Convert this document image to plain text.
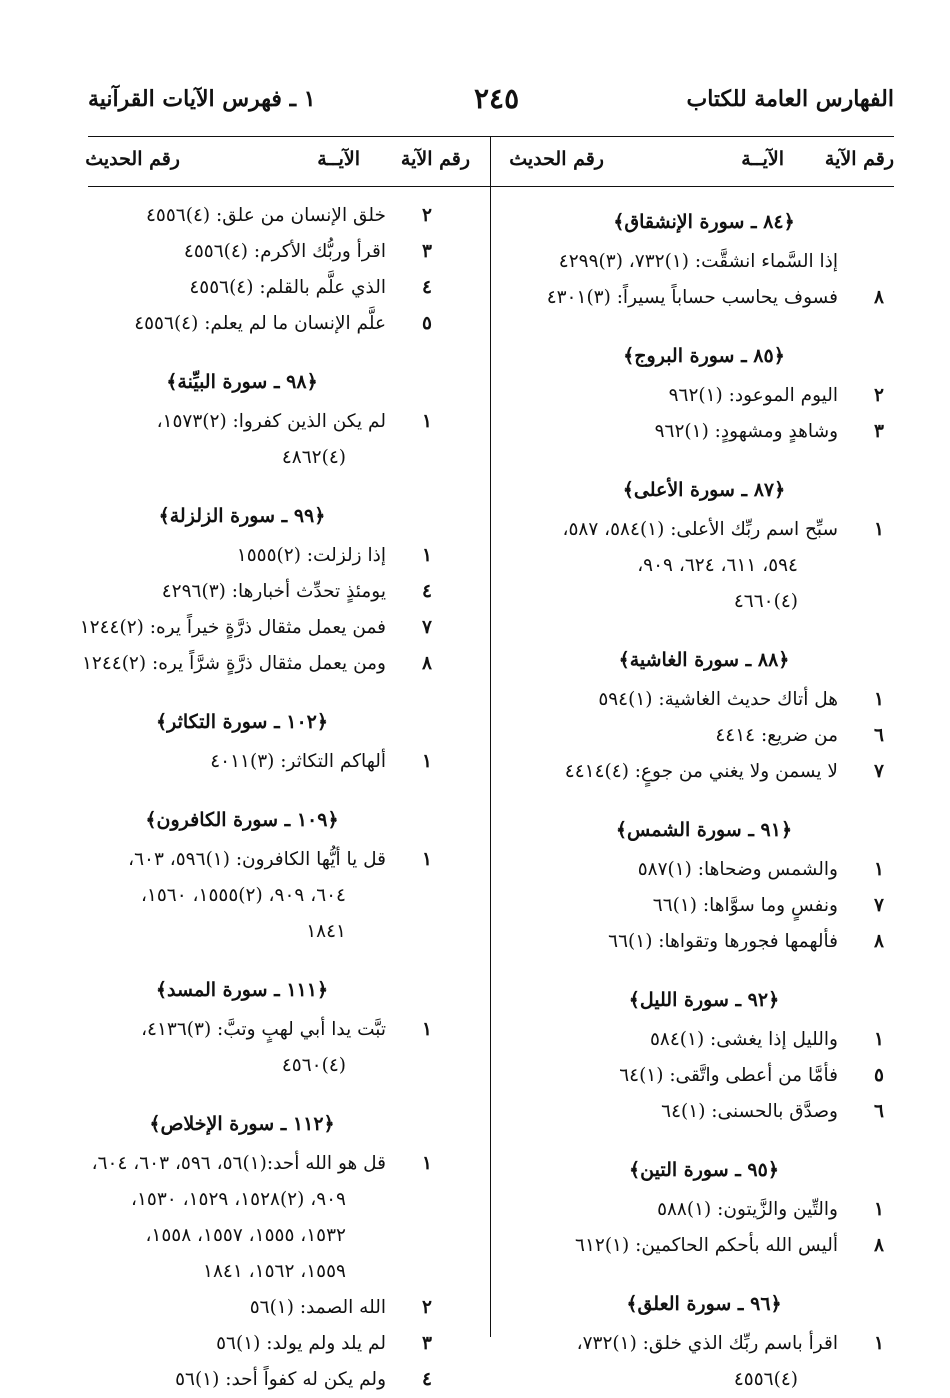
الفهارس العامة للكتاب
٢٤٥
١ ـ فهرس الآيات القرآنية
رقم الآية
الآيــة
رقم الحديث
رقم الآية
الآيــة
رقم الحديث
﴿٨٤ ـ سورة الإنشقاق﴾
إذا السَّماء انشقَّت: (١)٧٣٢، (٣)٤٢٩٩
٨
فسوف يحاسب حساباً يسيراً: (٣)٤٣٠١
﴿٨٥ ـ سورة البروج﴾
٢
اليوم الموعود: (١)٩٦٢
٣
وشاهدٍ ومشهودٍ: (١)٩٦٢
﴿٨٧ ـ سورة الأعلى﴾
١
سبِّح اسم ربِّك الأعلى: (١)٥٨٤، ٥٨٧،
٥٩٤، ٦١١، ٦٢٤، ٩٠٩،
(٤)٤٦٦٠
﴿٨٨ ـ سورة الغاشية﴾
١
هل أتاك حديث الغاشية: (١)٥٩٤
٦
من ضريع: ٤٤١٤
٧
لا يسمن ولا يغني من جوعٍ: (٤)٤٤١٤
﴿٩١ ـ سورة الشمس﴾
١
والشمس وضحاها: (١)٥٨٧
٧
ونفسٍ وما سوَّاها: (١)٦٦
٨
فألهمها فجورها وتقواها: (١)٦٦
﴿٩٢ ـ سورة الليل﴾
١
والليل إذا يغشى: (١)٥٨٤
٥
فأمَّا من أعطى واتَّقى: (١)٦٤
٦
وصدَّق بالحسنى: (١)٦٤
﴿٩٥ ـ سورة التين﴾
١
والتِّين والزَّيتون: (١)٥٨٨
٨
أليس الله بأحكم الحاكمين: (١)٦١٢
﴿٩٦ ـ سورة العلق﴾
١
اقرأ باسم ربِّك الذي خلق: (١)٧٣٢،
(٤)٤٥٥٦
٢
خلق الإنسان من علق: (٤)٤٥٥٦
٣
اقرأ وربُّك الأكرم: (٤)٤٥٥٦
٤
الذي علَّم بالقلم: (٤)٤٥٥٦
٥
علَّم الإنسان ما لم يعلم: (٤)٤٥٥٦
﴿٩٨ ـ سورة البيِّنة﴾
١
لم يكن الذين كفروا: (٢)١٥٧٣،
(٤)٤٨٦٢
﴿٩٩ ـ سورة الزلزلة﴾
١
إذا زلزلت: (٢)١٥٥٥
٤
يومئذٍ تحدِّث أخبارها: (٣)٤٢٩٦
٧
فمن يعمل مثقال ذرَّةٍ خيراً يره: (٢)١٢٤٤
٨
ومن يعمل مثقال ذرَّةٍ شرَّاً يره: (٢)١٢٤٤
﴿١٠٢ ـ سورة التكاثر﴾
١
ألهاكم التكاثر: (٣)٤٠١١
﴿١٠٩ ـ سورة الكافرون﴾
١
قل يا أيُّها الكافرون: (١)٥٩٦، ٦٠٣،
٦٠٤، ٩٠٩، (٢)١٥٥٥، ١٥٦٠،
١٨٤١
﴿١١١ ـ سورة المسد﴾
١
تبَّت يدا أبي لهبٍ وتبَّ: (٣)٤١٣٦،
(٤)٤٥٦٠
﴿١١٢ ـ سورة الإخلاص﴾
١
قل هو الله أحد:(١)٥٦، ٥٩٦، ٦٠٣، ٦٠٤،
٩٠٩، (٢)١٥٢٨، ١٥٢٩، ١٥٣٠،
١٥٣٢، ١٥٥٥، ١٥٥٧، ١٥٥٨،
١٥٥٩، ١٥٦٢، ١٨٤١
٢
الله الصمد: (١)٥٦
٣
لم يلد ولم يولد: (١)٥٦
٤
ولم يكن له كفواً أحد: (١)٥٦
